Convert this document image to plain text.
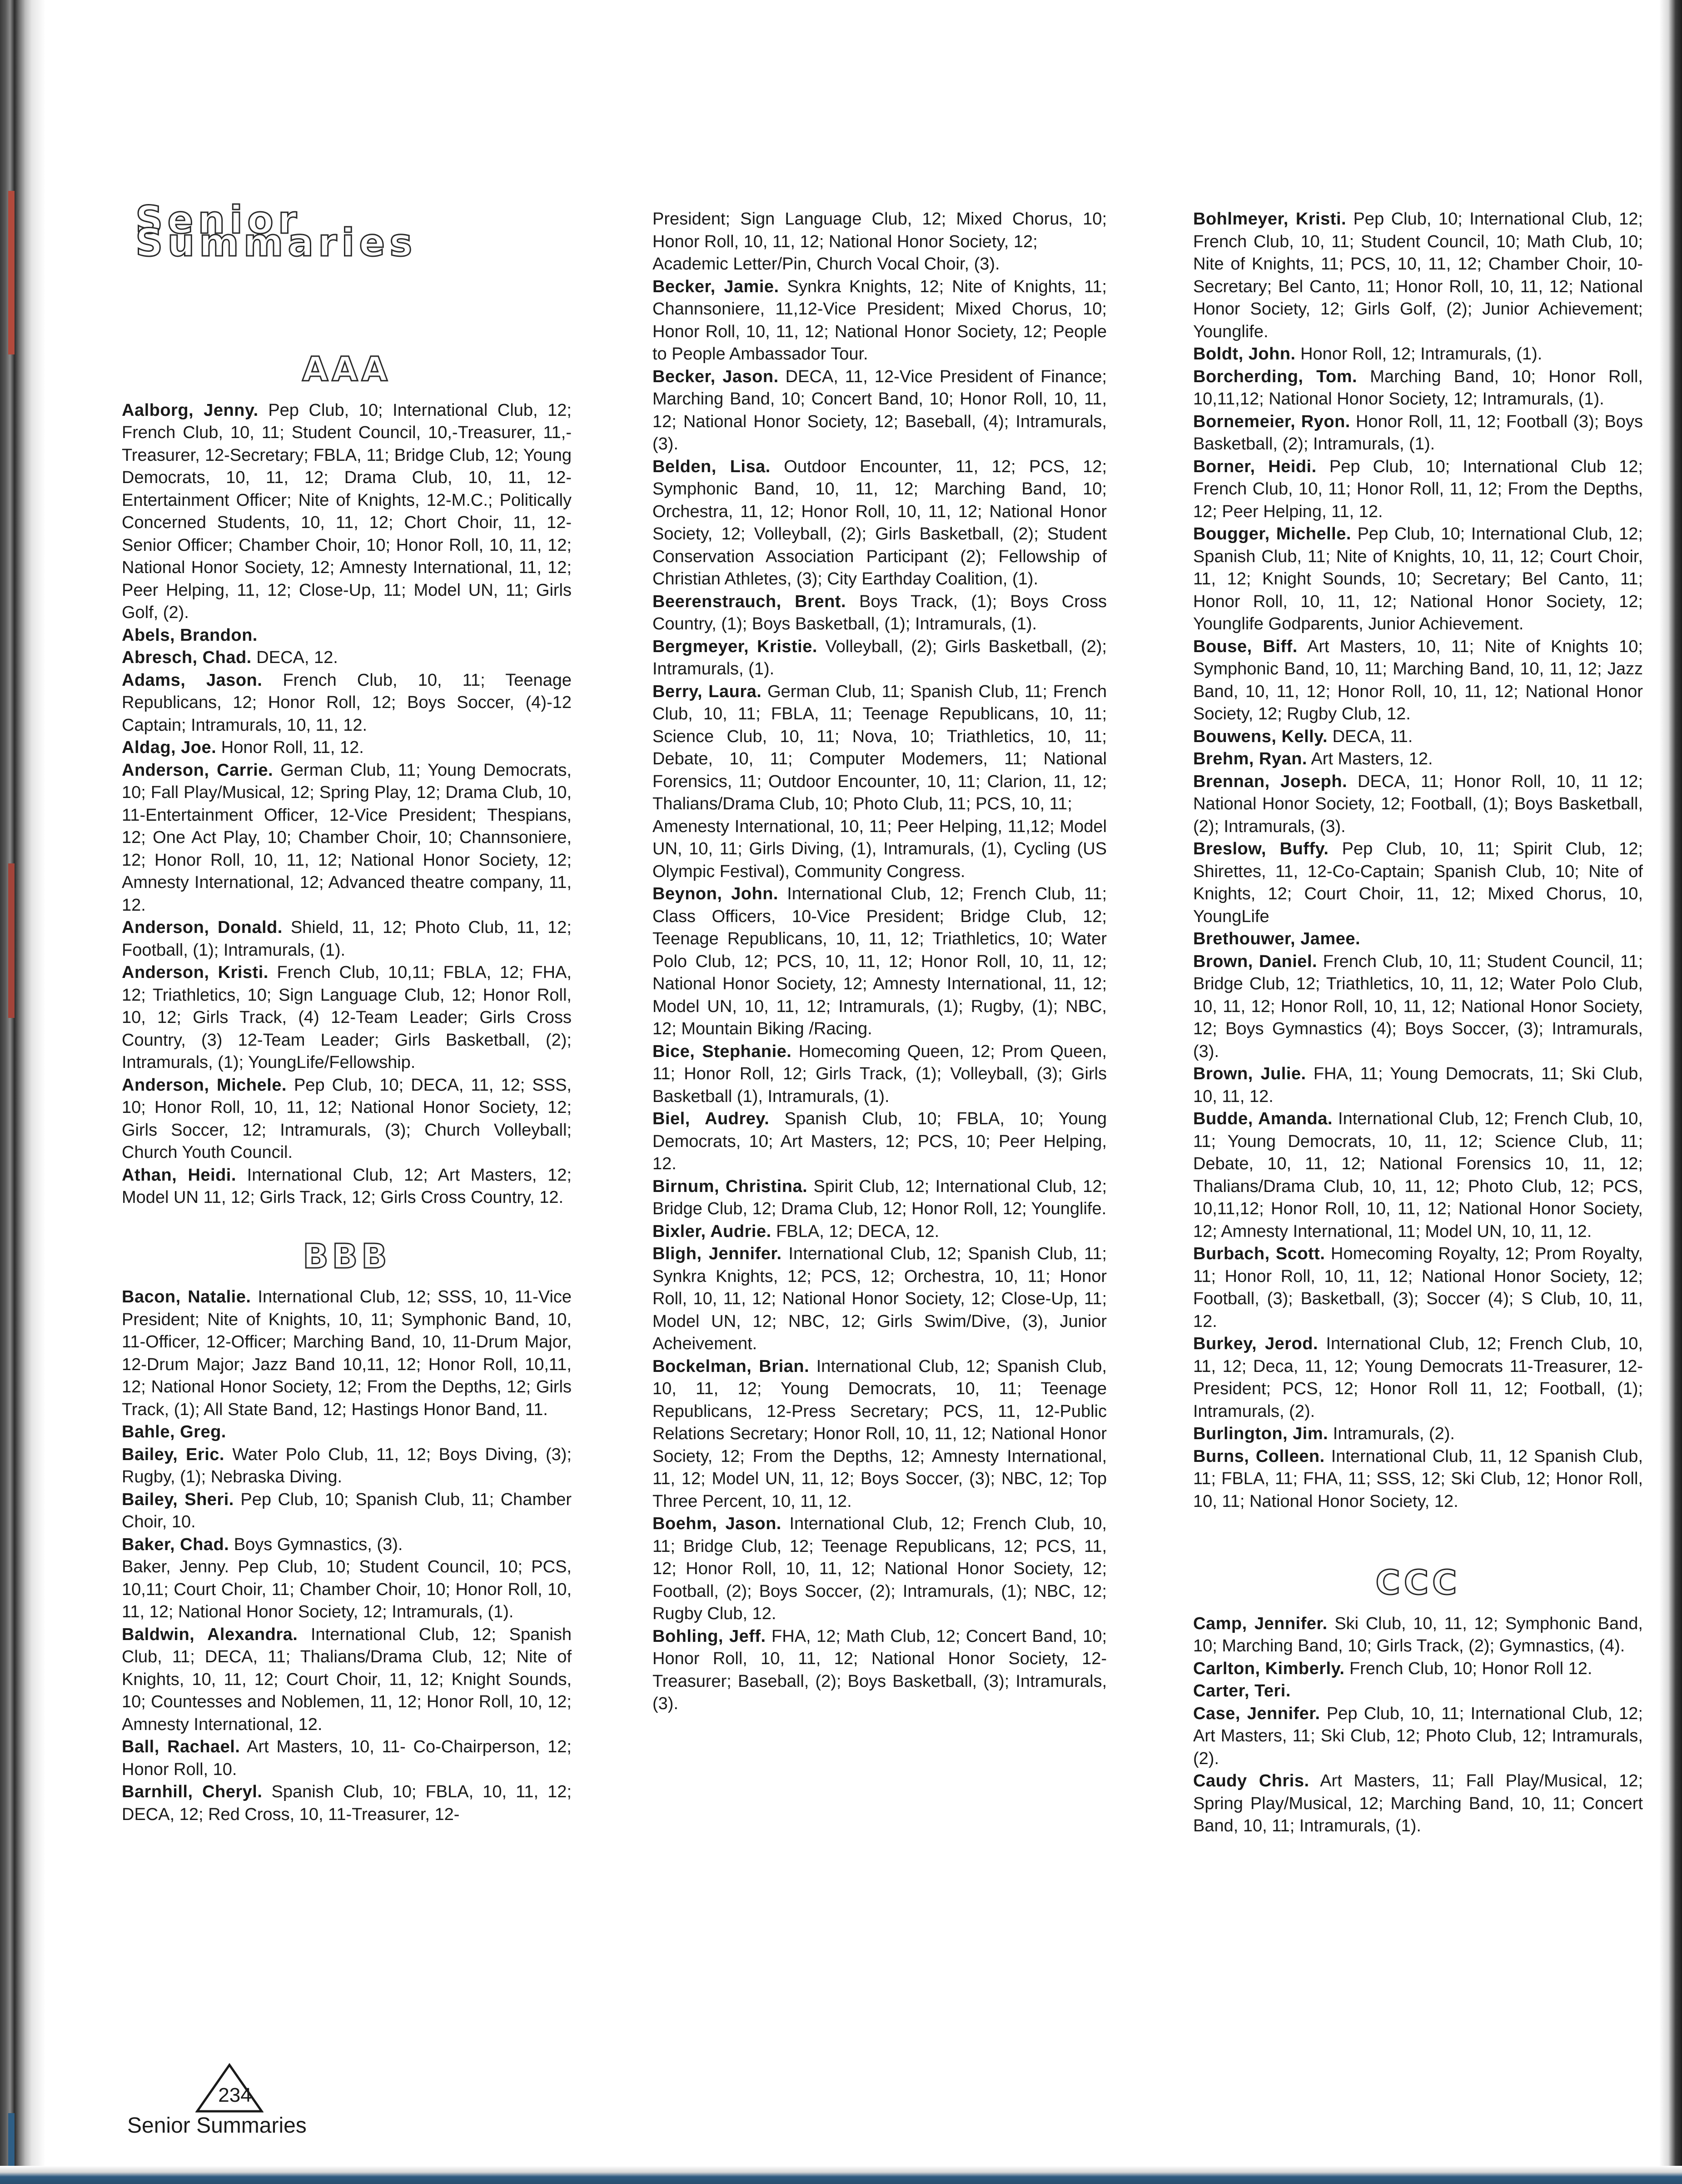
Senior Summaries
AAA

Aalborg, Jenny. Pep Club, 10; International Club, 12; French Club, 10, 11; Student Council, 10,-Treasurer, 11,-Treasurer, 12-Secretary; FBLA, 11; Bridge Club, 12; Young Democrats, 10, 11, 12; Drama Club, 10, 11, 12-Entertainment Officer; Nite of Knights, 12-M.C.; Politically Concerned Students, 10, 11, 12; Chort Choir, 11, 12-Senior Officer; Chamber Choir, 10; Honor Roll, 10, 11, 12; National Honor Society, 12; Amnesty International, 11, 12; Peer Helping, 11, 12; Close-Up, 11; Model UN, 11; Girls Golf, (2).

Abels, Brandon.

Abresch, Chad. DECA, 12.

Adams, Jason. French Club, 10, 11; Teenage Republicans, 12; Honor Roll, 12; Boys Soccer, (4)-12 Captain; Intramurals, 10, 11, 12.

Aldag, Joe. Honor Roll, 11, 12.

Anderson, Carrie. German Club, 11; Young Democrats, 10; Fall Play/Musical, 12; Spring Play, 12; Drama Club, 10, 11-Entertainment Officer, 12-Vice President; Thespians, 12; One Act Play, 10; Chamber Choir, 10; Channsoniere, 12; Honor Roll, 10, 11, 12; National Honor Society, 12; Amnesty International, 12; Advanced theatre company, 11, 12.

Anderson, Donald. Shield, 11, 12; Photo Club, 11, 12; Football, (1); Intramurals, (1).

Anderson, Kristi. French Club, 10,11; FBLA, 12; FHA, 12; Triathletics, 10; Sign Language Club, 12; Honor Roll, 10, 12; Girls Track, (4) 12-Team Leader; Girls Cross Country, (3) 12-Team Leader; Girls Basketball, (2); Intramurals, (1); YoungLife/Fellowship.

Anderson, Michele. Pep Club, 10; DECA, 11, 12; SSS, 10; Honor Roll, 10, 11, 12; National Honor Society, 12; Girls Soccer, 12; Intramurals, (3); Church Volleyball; Church Youth Council.

Athan, Heidi. International Club, 12; Art Masters, 12; Model UN 11, 12; Girls Track, 12; Girls Cross Country, 12.

BBB

Bacon, Natalie. International Club, 12; SSS, 10, 11-Vice President; Nite of Knights, 10, 11; Symphonic Band, 10, 11-Officer, 12-Officer; Marching Band, 10, 11-Drum Major, 12-Drum Major; Jazz Band 10,11, 12; Honor Roll, 10,11, 12; National Honor Society, 12; From the Depths, 12; Girls Track, (1); All State Band, 12; Hastings Honor Band, 11.

Bahle, Greg.

Bailey, Eric. Water Polo Club, 11, 12; Boys Diving, (3); Rugby, (1); Nebraska Diving.

Bailey, Sheri. Pep Club, 10; Spanish Club, 11; Chamber Choir, 10.

Baker, Chad. Boys Gymnastics, (3).

Baker, Jenny. Pep Club, 10; Student Council, 10; PCS, 10,11; Court Choir, 11; Chamber Choir, 10; Honor Roll, 10, 11, 12; National Honor Society, 12; Intramurals, (1).

Baldwin, Alexandra. International Club, 12; Spanish Club, 11; DECA, 11; Thalians/Drama Club, 12; Nite of Knights, 10, 11, 12; Court Choir, 11, 12; Knight Sounds, 10; Countesses and Noblemen, 11, 12; Honor Roll, 10, 12; Amnesty International, 12.

Ball, Rachael. Art Masters, 10, 11- Co-Chairperson, 12; Honor Roll, 10.

Barnhill, Cheryl. Spanish Club, 10; FBLA, 10, 11, 12; DECA, 12; Red Cross, 10, 11-Treasurer, 12-

President; Sign Language Club, 12; Mixed Chorus, 10; Honor Roll, 10, 11, 12; National Honor Society, 12;

Academic Letter/Pin, Church Vocal Choir, (3).

Becker, Jamie. Synkra Knights, 12; Nite of Knights, 11; Channsoniere, 11,12-Vice President; Mixed Chorus, 10; Honor Roll, 10, 11, 12; National Honor Society, 12; People to People Ambassador Tour.

Becker, Jason. DECA, 11, 12-Vice President of Finance; Marching Band, 10; Concert Band, 10; Honor Roll, 10, 11, 12; National Honor Society, 12; Baseball, (4); Intramurals, (3).

Belden, Lisa. Outdoor Encounter, 11, 12; PCS, 12; Symphonic Band, 10, 11, 12; Marching Band, 10; Orchestra, 11, 12; Honor Roll, 10, 11, 12; National Honor Society, 12; Volleyball, (2); Girls Basketball, (2); Student Conservation Association Participant (2); Fellowship of Christian Athletes, (3); City Earthday Coalition, (1).

Beerenstrauch, Brent. Boys Track, (1); Boys Cross Country, (1); Boys Basketball, (1); Intramurals, (1).

Bergmeyer, Kristie. Volleyball, (2); Girls Basketball, (2); Intramurals, (1).

Berry, Laura. German Club, 11; Spanish Club, 11; French Club, 10, 11; FBLA, 11; Teenage Republicans, 10, 11; Science Club, 10, 11; Nova, 10; Triathletics, 10, 11; Debate, 10, 11; Computer Modemers, 11; National Forensics, 11; Outdoor Encounter, 10, 11; Clarion, 11, 12; Thalians/Drama Club, 10; Photo Club, 11; PCS, 10, 11;

Amenesty International, 10, 11; Peer Helping, 11,12; Model UN, 10, 11; Girls Diving, (1), Intramurals, (1), Cycling (US Olympic Festival), Community Congress.

Beynon, John. International Club, 12; French Club, 11; Class Officers, 10-Vice President; Bridge Club, 12; Teenage Republicans, 10, 11, 12; Triathletics, 10; Water Polo Club, 12; PCS, 10, 11, 12; Honor Roll, 10, 11, 12; National Honor Society, 12; Amnesty International, 11, 12; Model UN, 10, 11, 12; Intramurals, (1); Rugby, (1); NBC, 12; Mountain Biking /Racing.

Bice, Stephanie. Homecoming Queen, 12; Prom Queen, 11; Honor Roll, 12; Girls Track, (1); Volleyball, (3); Girls Basketball (1), Intramurals, (1).

Biel, Audrey. Spanish Club, 10; FBLA, 10; Young Democrats, 10; Art Masters, 12; PCS, 10; Peer Helping, 12.

Birnum, Christina. Spirit Club, 12; International Club, 12; Bridge Club, 12; Drama Club, 12; Honor Roll, 12; Younglife.

Bixler, Audrie. FBLA, 12; DECA, 12.

Bligh, Jennifer. International Club, 12; Spanish Club, 11; Synkra Knights, 12; PCS, 12; Orchestra, 10, 11; Honor Roll, 10, 11, 12; National Honor Society, 12; Close-Up, 11; Model UN, 12; NBC, 12; Girls Swim/Dive, (3), Junior Acheivement.

Bockelman, Brian. International Club, 12; Spanish Club, 10, 11, 12; Young Democrats, 10, 11; Teenage Republicans, 12-Press Secretary; PCS, 11, 12-Public Relations Secretary; Honor Roll, 10, 11, 12; National Honor Society, 12; From the Depths, 12; Amnesty International, 11, 12; Model UN, 11, 12; Boys Soccer, (3); NBC, 12; Top Three Percent, 10, 11, 12.

Boehm, Jason. International Club, 12; French Club, 10, 11; Bridge Club, 12; Teenage Republicans, 12; PCS, 11, 12; Honor Roll, 10, 11, 12; National Honor Society, 12; Football, (2); Boys Soccer, (2); Intramurals, (1); NBC, 12; Rugby Club, 12.

Bohling, Jeff. FHA, 12; Math Club, 12; Concert Band, 10; Honor Roll, 10, 11, 12; National Honor Society, 12-Treasurer; Baseball, (2); Boys Basketball, (3); Intramurals, (3).

Bohlmeyer, Kristi. Pep Club, 10; International Club, 12; French Club, 10, 11; Student Council, 10; Math Club, 10; Nite of Knights, 11; PCS, 10, 11, 12; Chamber Choir, 10-Secretary; Bel Canto, 11; Honor Roll, 10, 11, 12; National Honor Society, 12; Girls Golf, (2); Junior Achievement; Younglife.

Boldt, John. Honor Roll, 12; Intramurals, (1).

Borcherding, Tom. Marching Band, 10; Honor Roll, 10,11,12; National Honor Society, 12; Intramurals, (1).

Bornemeier, Ryon. Honor Roll, 11, 12; Football (3); Boys Basketball, (2); Intramurals, (1).

Borner, Heidi. Pep Club, 10; International Club 12; French Club, 10, 11; Honor Roll, 11, 12; From the Depths, 12; Peer Helping, 11, 12.

Bougger, Michelle. Pep Club, 10; International Club, 12; Spanish Club, 11; Nite of Knights, 10, 11, 12; Court Choir, 11, 12; Knight Sounds, 10; Secretary; Bel Canto, 11; Honor Roll, 10, 11, 12; National Honor Society, 12; Younglife Godparents, Junior Achievement.

Bouse, Biff. Art Masters, 10, 11; Nite of Knights 10; Symphonic Band, 10, 11; Marching Band, 10, 11, 12; Jazz Band, 10, 11, 12; Honor Roll, 10, 11, 12; National Honor Society, 12; Rugby Club, 12.

Bouwens, Kelly. DECA, 11.

Brehm, Ryan. Art Masters, 12.

Brennan, Joseph. DECA, 11; Honor Roll, 10, 11 12; National Honor Society, 12; Football, (1); Boys Basketball, (2); Intramurals, (3).

Breslow, Buffy. Pep Club, 10, 11; Spirit Club, 12; Shirettes, 11, 12-Co-Captain; Spanish Club, 10; Nite of Knights, 12; Court Choir, 11, 12; Mixed Chorus, 10, YoungLife

Brethouwer, Jamee.

Brown, Daniel. French Club, 10, 11; Student Council, 11; Bridge Club, 12; Triathletics, 10, 11, 12; Water Polo Club, 10, 11, 12; Honor Roll, 10, 11, 12; National Honor Society, 12; Boys Gymnastics (4); Boys Soccer, (3); Intramurals, (3).

Brown, Julie. FHA, 11; Young Democrats, 11; Ski Club, 10, 11, 12.

Budde, Amanda. International Club, 12; French Club, 10, 11; Young Democrats, 10, 11, 12; Science Club, 11; Debate, 10, 11, 12; National Forensics 10, 11, 12; Thalians/Drama Club, 10, 11, 12; Photo Club, 12; PCS, 10,11,12; Honor Roll, 10, 11, 12; National Honor Society, 12; Amnesty International, 11; Model UN, 10, 11, 12.

Burbach, Scott. Homecoming Royalty, 12; Prom Royalty, 11; Honor Roll, 10, 11, 12; National Honor Society, 12; Football, (3); Basketball, (3); Soccer (4); S Club, 10, 11, 12.

Burkey, Jerod. International Club, 12; French Club, 10, 11, 12; Deca, 11, 12; Young Democrats 11-Treasurer, 12-President; PCS, 12; Honor Roll 11, 12; Football, (1); Intramurals, (2).

Burlington, Jim. Intramurals, (2).

Burns, Colleen. International Club, 11, 12 Spanish Club, 11; FBLA, 11; FHA, 11; SSS, 12; Ski Club, 12; Honor Roll, 10, 11; National Honor Society, 12.

CCC

Camp, Jennifer. Ski Club, 10, 11, 12; Symphonic Band, 10; Marching Band, 10; Girls Track, (2); Gymnastics, (4).

Carlton, Kimberly. French Club, 10; Honor Roll 12.

Carter, Teri.

Case, Jennifer. Pep Club, 10, 11; International Club, 12; Art Masters, 11; Ski Club, 12; Photo Club, 12; Intramurals, (2).

Caudy Chris. Art Masters, 11; Fall Play/Musical, 12; Spring Play/Musical, 12; Marching Band, 10, 11; Concert Band, 10, 11; Intramurals, (1).

234
Senior Summaries
